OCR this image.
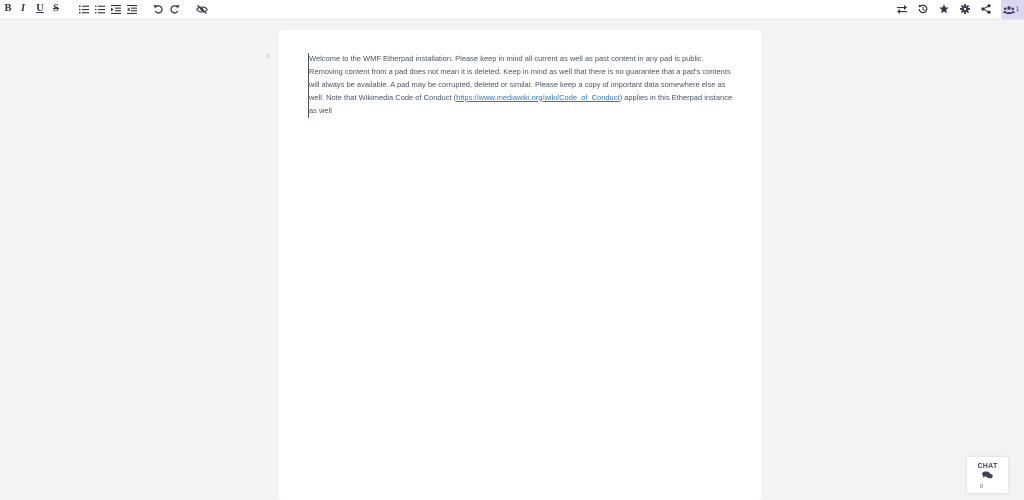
B I U S	1
1	Welcome to the WMF Etherpad installation. Please keep in mind all current as well as past content in any pad is public. Removing content from a pad does not mean it is deleted. Keep in mind as well that there is no guarantee that a pad's contents will always be available. A pad may be corrupted, deleted or similar. Please keep a copy of important data somewhere else as well. Note that Wikimedia Code of Conduct (https://www.mediawiki.org/wiki/Code_of_Conduct) applies in this Etherpad instance as well
CHAT
0
